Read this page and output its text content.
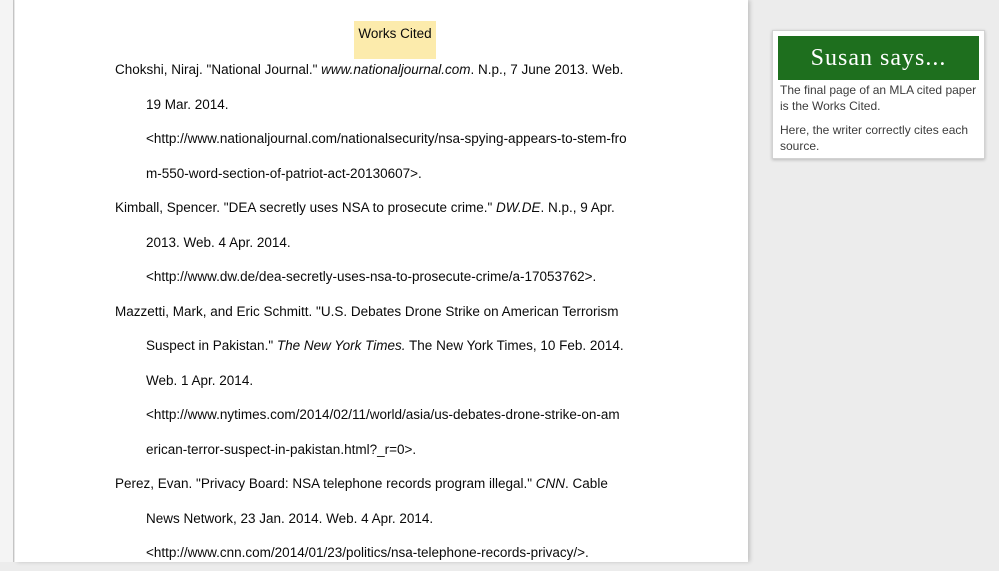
Works Cited
Chokshi, Niraj. "National Journal." www.nationaljournal.com. N.p., 7 June 2013. Web.
19 Mar. 2014.
<http://www.nationaljournal.com/nationalsecurity/nsa-spying-appears-to-stem-fro
m-550-word-section-of-patriot-act-20130607>.
Kimball, Spencer. "DEA secretly uses NSA to prosecute crime." DW.DE. N.p., 9 Apr.
2013. Web. 4 Apr. 2014.
<http://www.dw.de/dea-secretly-uses-nsa-to-prosecute-crime/a-17053762>.
Mazzetti, Mark, and Eric Schmitt. "U.S. Debates Drone Strike on American Terrorism
Suspect in Pakistan." The New York Times. The New York Times, 10 Feb. 2014.
Web. 1 Apr. 2014.
<http://www.nytimes.com/2014/02/11/world/asia/us-debates-drone-strike-on-am
erican-terror-suspect-in-pakistan.html?_r=0>.
Perez, Evan. "Privacy Board: NSA telephone records program illegal." CNN. Cable
News Network, 23 Jan. 2014. Web. 4 Apr. 2014.
<http://www.cnn.com/2014/01/23/politics/nsa-telephone-records-privacy/>.
Susan says...

The final page of an MLA cited paper is the Works Cited.

Here, the writer correctly cites each source.
